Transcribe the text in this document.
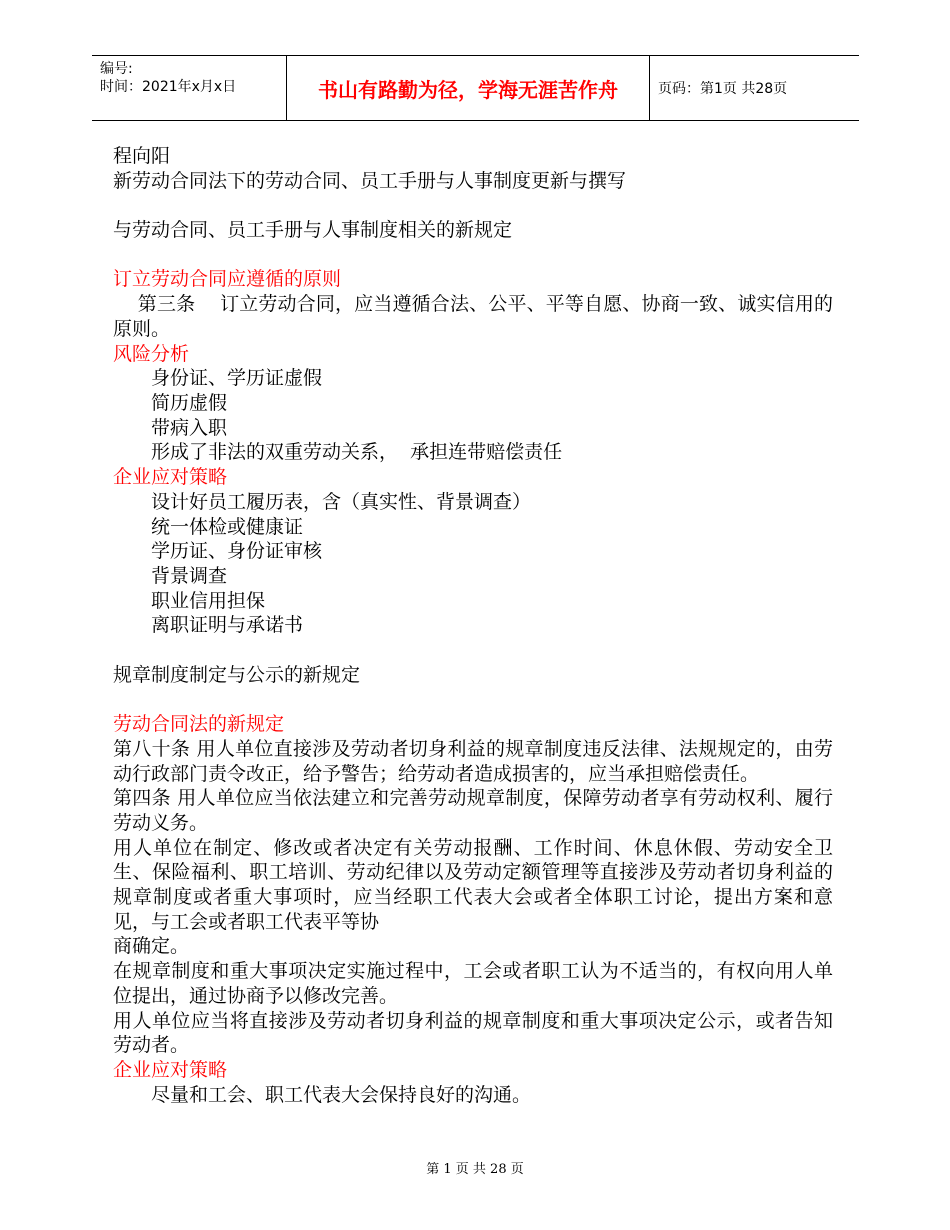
编号:
时间：2021年x月x日	书山有路勤为径，学海无涯苦作舟	页码：第1页 共28页

程向阳

新劳动合同法下的劳动合同、员工手册与人事制度更新与撰写

与劳动合同、员工手册与人事制度相关的新规定

订立劳动合同应遵循的原则

第三条    订立劳动合同，应当遵循合法、公平、平等自愿、协商一致、诚实信用的原则。

风险分析

身份证、学历证虚假

简历虚假

带病入职

形成了非法的双重劳动关系，  承担连带赔偿责任

企业应对策略

设计好员工履历表，含（真实性、背景调查）

统一体检或健康证

学历证、身份证审核

背景调查

职业信用担保

离职证明与承诺书

规章制度制定与公示的新规定

劳动合同法的新规定

第八十条 用人单位直接涉及劳动者切身利益的规章制度违反法律、法规规定的，由劳动行政部门责令改正，给予警告；给劳动者造成损害的，应当承担赔偿责任。

第四条 用人单位应当依法建立和完善劳动规章制度，保障劳动者享有劳动权利、履行劳动义务。

用人单位在制定、修改或者决定有关劳动报酬、工作时间、休息休假、劳动安全卫生、保险福利、职工培训、劳动纪律以及劳动定额管理等直接涉及劳动者切身利益的规章制度或者重大事项时，应当经职工代表大会或者全体职工讨论，提出方案和意见，与工会或者职工代表平等协

商确定。

在规章制度和重大事项决定实施过程中，工会或者职工认为不适当的，有权向用人单位提出，通过协商予以修改完善。

用人单位应当将直接涉及劳动者切身利益的规章制度和重大事项决定公示，或者告知劳动者。

企业应对策略

尽量和工会、职工代表大会保持良好的沟通。

第 1 页 共 28 页
